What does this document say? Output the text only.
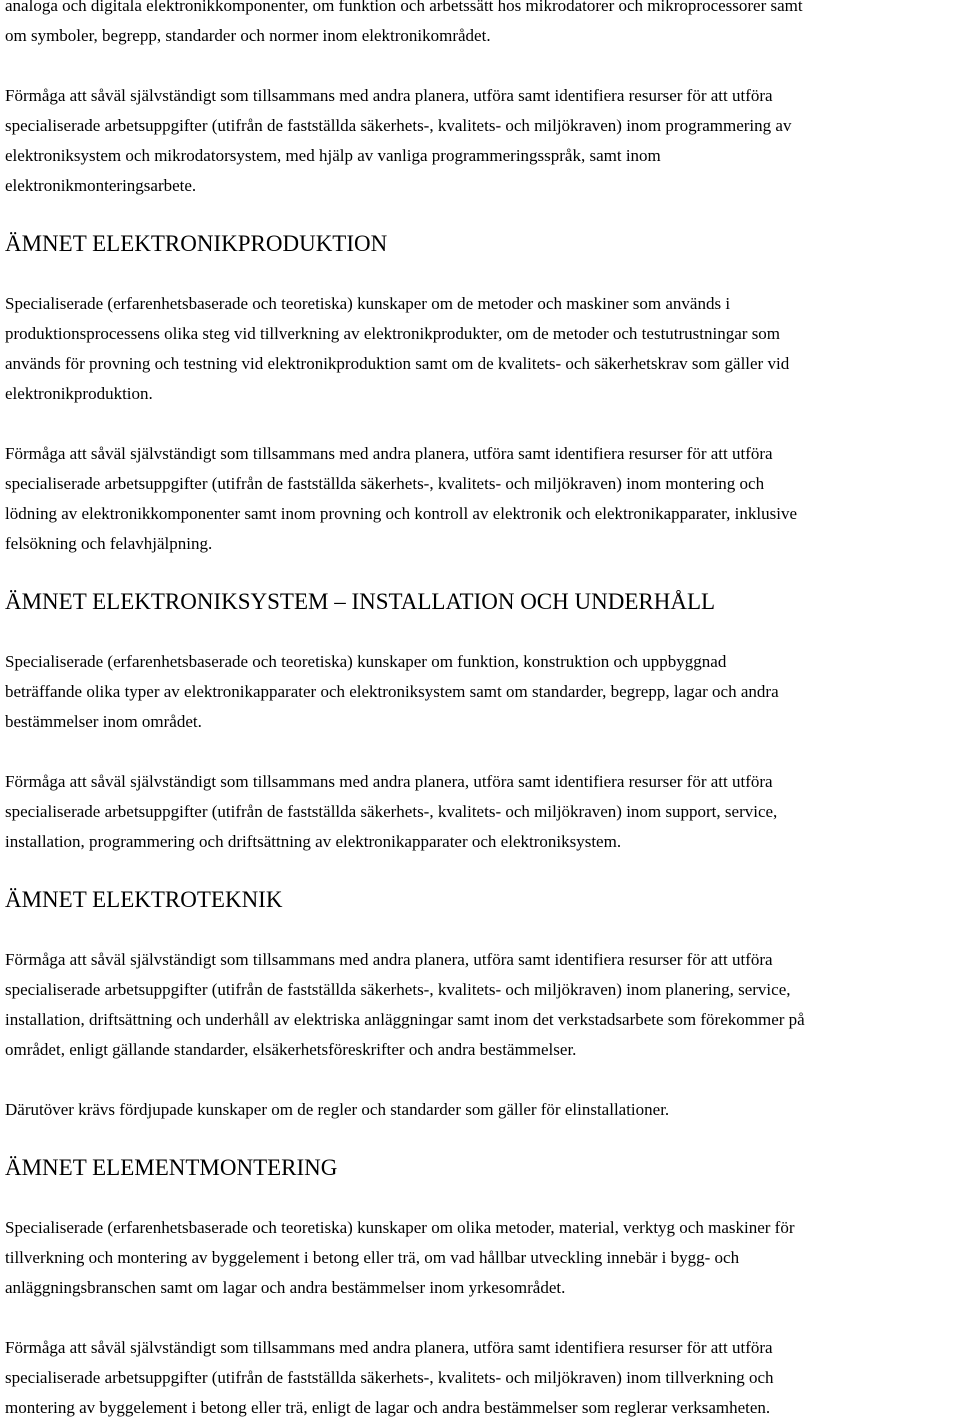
analoga och digitala elektronikkomponenter, om funktion och arbetssätt hos mikrodatorer och mikroprocessorer samt
om symboler, begrepp, standarder och normer inom elektronikområdet.

Förmåga att såväl självständigt som tillsammans med andra planera, utföra samt identifiera resurser för att utföra
specialiserade arbetsuppgifter (utifrån de fastställda säkerhets-, kvalitets- och miljökraven) inom programmering av
elektroniksystem och mikrodatorsystem, med hjälp av vanliga programmeringsspråk, samt inom
elektronikmonteringsarbete.

ÄMNET ELEKTRONIKPRODUKTION

Specialiserade (erfarenhetsbaserade och teoretiska) kunskaper om de metoder och maskiner som används i
produktionsprocessens olika steg vid tillverkning av elektronikprodukter, om de metoder och testutrustningar som
används för provning och testning vid elektronikproduktion samt om de kvalitets- och säkerhetskrav som gäller vid
elektronikproduktion.

Förmåga att såväl självständigt som tillsammans med andra planera, utföra samt identifiera resurser för att utföra
specialiserade arbetsuppgifter (utifrån de fastställda säkerhets-, kvalitets- och miljökraven) inom montering och
lödning av elektronikkomponenter samt inom provning och kontroll av elektronik och elektronikapparater, inklusive
felsökning och felavhjälpning.

ÄMNET ELEKTRONIKSYSTEM – INSTALLATION OCH UNDERHÅLL

Specialiserade (erfarenhetsbaserade och teoretiska) kunskaper om funktion, konstruktion och uppbyggnad
beträffande olika typer av elektronikapparater och elektroniksystem samt om standarder, begrepp, lagar och andra
bestämmelser inom området.

Förmåga att såväl självständigt som tillsammans med andra planera, utföra samt identifiera resurser för att utföra
specialiserade arbetsuppgifter (utifrån de fastställda säkerhets-, kvalitets- och miljökraven) inom support, service,
installation, programmering och driftsättning av elektronikapparater och elektroniksystem.

ÄMNET ELEKTROTEKNIK

Förmåga att såväl självständigt som tillsammans med andra planera, utföra samt identifiera resurser för att utföra
specialiserade arbetsuppgifter (utifrån de fastställda säkerhets-, kvalitets- och miljökraven) inom planering, service,
installation, driftsättning och underhåll av elektriska anläggningar samt inom det verkstadsarbete som förekommer på
området, enligt gällande standarder, elsäkerhetsföreskrifter och andra bestämmelser.

Därutöver krävs fördjupade kunskaper om de regler och standarder som gäller för elinstallationer.

ÄMNET ELEMENTMONTERING

Specialiserade (erfarenhetsbaserade och teoretiska) kunskaper om olika metoder, material, verktyg och maskiner för
tillverkning och montering av byggelement i betong eller trä, om vad hållbar utveckling innebär i bygg- och
anläggningsbranschen samt om lagar och andra bestämmelser inom yrkesområdet.

Förmåga att såväl självständigt som tillsammans med andra planera, utföra samt identifiera resurser för att utföra
specialiserade arbetsuppgifter (utifrån de fastställda säkerhets-, kvalitets- och miljökraven) inom tillverkning och
montering av byggelement i betong eller trä, enligt de lagar och andra bestämmelser som reglerar verksamheten.
